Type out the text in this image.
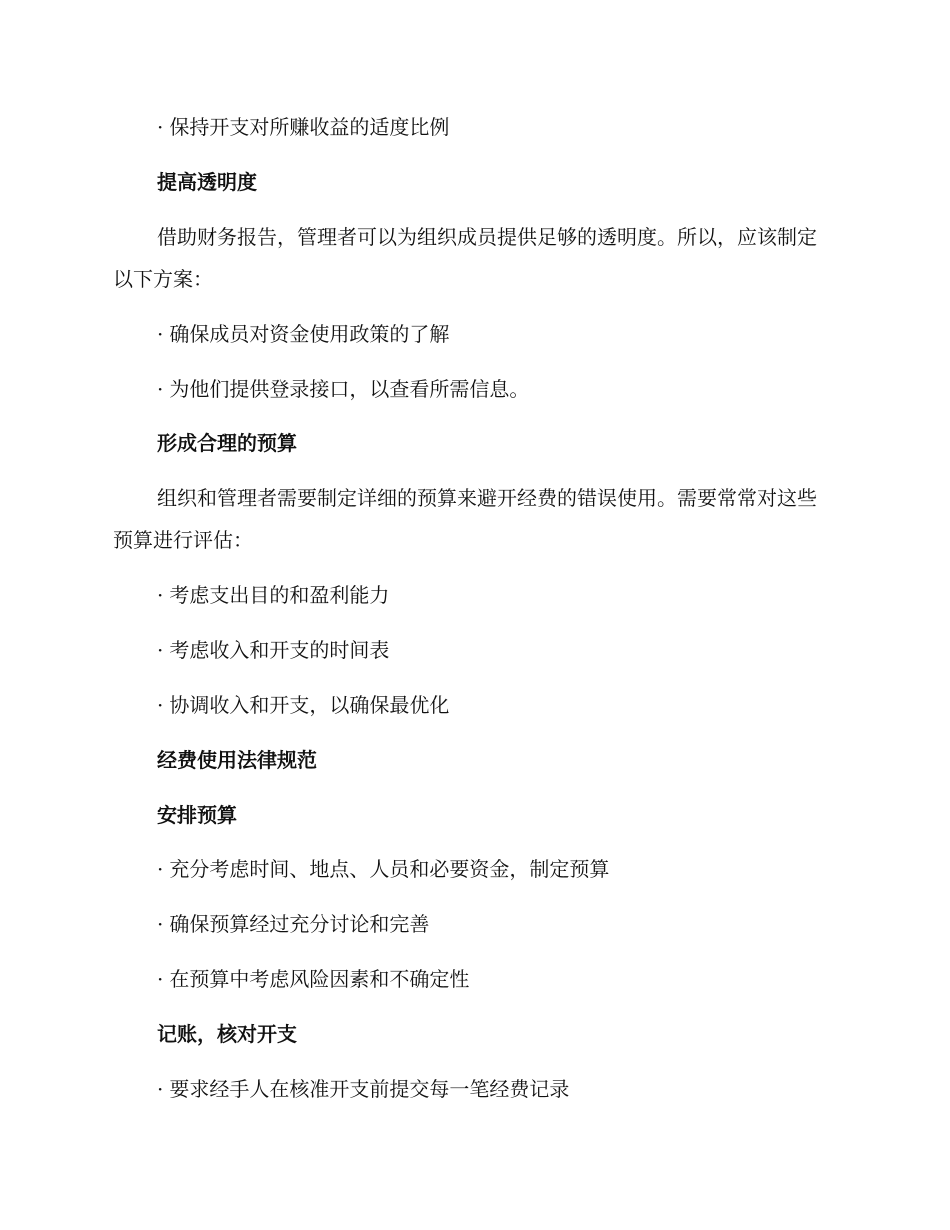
· 保持开支对所赚收益的适度比例
提高透明度

借助财务报告，管理者可以为组织成员提供足够的透明度。所以，应该制定以下方案：

· 确保成员对资金使用政策的了解
· 为他们提供登录接口，以查看所需信息。
形成合理的预算

组织和管理者需要制定详细的预算来避开经费的错误使用。需要常常对这些预算进行评估：

· 考虑支出目的和盈利能力
· 考虑收入和开支的时间表
· 协调收入和开支，以确保最优化
经费使用法律规范
安排预算
· 充分考虑时间、地点、人员和必要资金，制定预算
· 确保预算经过充分讨论和完善
· 在预算中考虑风险因素和不确定性
记账，核对开支
· 要求经手人在核准开支前提交每一笔经费记录
